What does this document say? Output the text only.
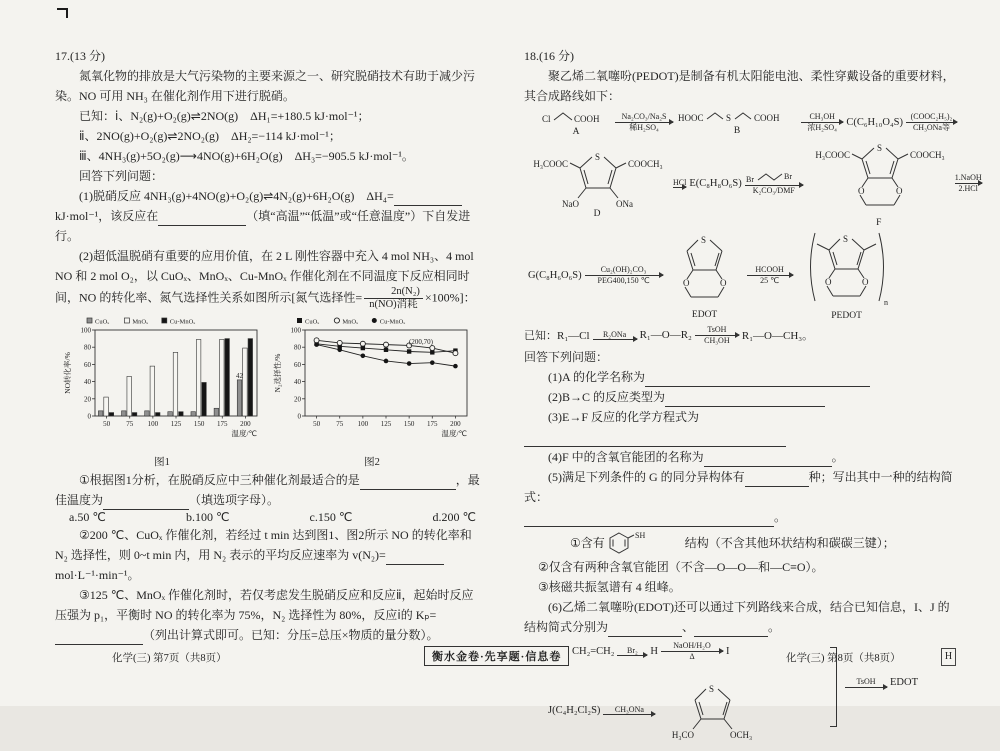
17.(13 分)

氮氧化物的排放是大气污染物的主要来源之一、研究脱硝技术有助于减少污染。NO 可用 NH₃ 在催化剂作用下进行脱硝。

已知：ⅰ、N₂(g)+O₂(g)⇌2NO(g)　ΔH₁=+180.5 kJ·mol⁻¹；

ⅱ、2NO(g)+O₂(g)⇌2NO₂(g)　ΔH₂=−114 kJ·mol⁻¹；

ⅲ、4NH₃(g)+5O₂(g)⟶4NO(g)+6H₂O(g)　ΔH₃=−905.5 kJ·mol⁻¹。

回答下列问题：

(1)脱硝反应 4NH₃(g)+4NO(g)+O₂(g)⇌4N₂(g)+6H₂O(g)　ΔH₄=kJ·mol⁻¹，该反应在	（填“高温”“低温”或“任意温度”）下自发进行。

(2)超低温脱硝有重要的应用价值，在 2 L 刚性容器中充入 4 mol NH₃、4 mol NO 和 2 mol O₂，以 CuOₓ、MnOₓ、Cu-MnOₓ 作催化剂在不同温度下反应相同时间，NO 的转化率、氮气选择性关系如图所示[氮气选择性= $\frac{\text{2n(N₂)}}{\text{n(NO)消耗}} \times 100\%$]：

CuOₓ	MnOₓ	Cu-MnOₓ
0
20
40
60
80
100
50 75 100 125 150 175 200
温度/℃
NO转化率/%	42
图1
CuOₓ	MnOₓ	Cu-MnOₓ
0
20
40
60
80
100
50 75 100 125 150 175 200
温度/℃
N₂选择性/%
(200,70)
图2

①根据图1分析，在脱硝反应中三种催化剂最适合的是	，最佳温度为	（填选项字母）。

a.50 ℃	b.100 ℃	c.150 ℃	d.200 ℃

②200 ℃、CuOₓ 作催化剂，若经过 t min 达到图1、图2所示 NO 的转化率和 N₂ 选择性，则 0~t min 内，用 N₂ 表示的平均反应速率为 v(N₂)=mol·L⁻¹·min⁻¹。

③125 ℃、MnOₓ 作催化剂时，若仅考虑发生脱硝反应和反应ⅱ，起始时反应压强为 p₁，平衡时 NO 的转化率为 75%，N₂ 选择性为 80%，反应ⅰ的 Kₚ=（列出计算式即可。已知：分压=总压×物质的量分数）。

18.(16 分)

聚乙烯二氧噻吩(PEDOT)是制备有机太阳能电池、柔性穿戴设备的重要材料，其合成路线如下：

Cl	COOH
A
Na₂CO₃/Na₂S
稀H₂SO₄
HOOC S	COOH
B
CH₃OH
浓H₂SO₄ C(C₆H₁₀O₄S) (COOC₂H₅)₂
CH₃ONa等
S
H₃COOC	COOCH₃
NaO	ONa
D
HCl E(C₈H₈O₆S) Br	Br
K₂CO₃/DMF
S
H₃COOC	COOCH₃
O	O
F
1.NaOH
2.HCl
G(C₈H₆O₆S) Cu₂(OH)₂CO₃
PEG400,150 ℃
S
O	O
EDOT
HCOOH
25 ℃
S
O	O
n
PEDOT
已知：R₁—Cl R₂ONa R₁—O—R₂ TsOH
CH₃OH R₁—O—CH₃。

回答下列问题：

(1)A 的化学名称为

(2)B→C 的反应类型为

(3)E→F 反应的化学方程式为

(4)F 中的含氧官能团的名称为	。

(5)满足下列条件的 G 的同分异构体有	种；写出其中一种的结构简式：

。

①含有	SH	结构（不含其他环状结构和碳碳三键）；

②仅含有两种含氧官能团（不含—O—O—和—C≡O）。

③核磁共振氢谱有 4 组峰。

(6)乙烯二氧噻吩(EDOT)还可以通过下列路线来合成，结合已知信息，I、J 的结构简式分别为	、	。

CH₂=CH₂ Br₂ H NaOH/H₂O
Δ	I
J(C₄H₂Cl₂S) CH₃ONa
S
H₃CO	OCH₃
TsOH EDOT
化学(三) 第7页（共8页）	衡水金卷·先享题·信息卷	化学(三) 第8页（共8页）	H
